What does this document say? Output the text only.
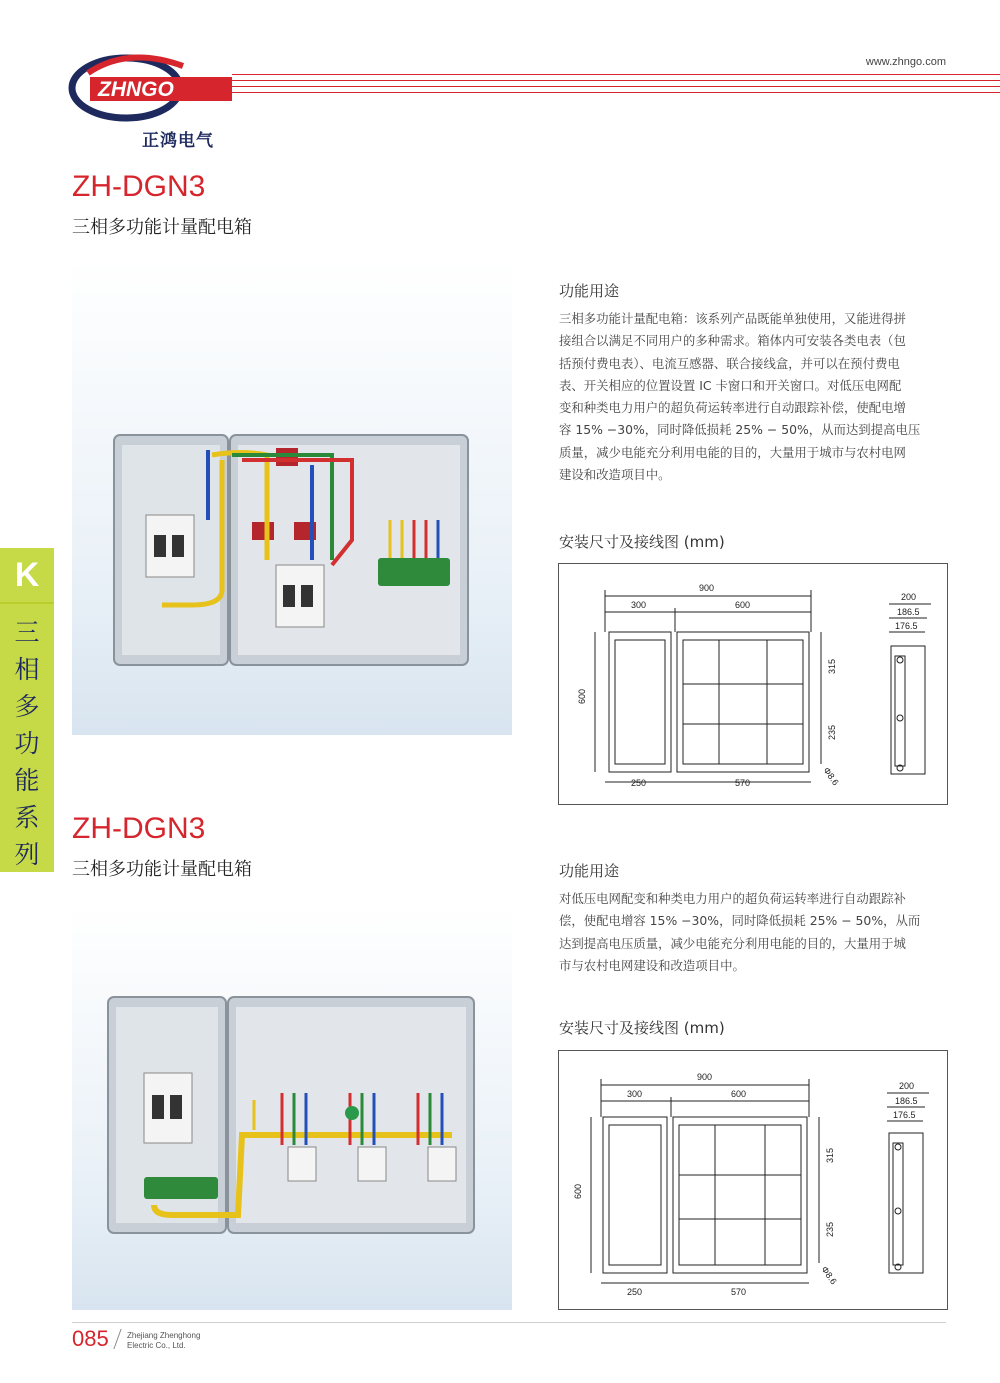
ZHNGO
正鸿电气
www.zhngo.com
K
三
相
多
功
能
系
列
ZH-DGN3
三相多功能计量配电箱
功能用途
三相多功能计量配电箱：该系列产品既能单独使用，又能进得拼
接组合以满足不同用户的多种需求。箱体内可安装各类电表（包
括预付费电表）、电流互感器、联合接线盒，并可以在预付费电
表、开关相应的位置设置 IC 卡窗口和开关窗口。对低压电网配
变和种类电力用户的超负荷运转率进行自动跟踪补偿，使配电增
容 15% −30%，同时降低损耗 25% − 50%，从而达到提高电压
质量，减少电能充分利用电能的目的，大量用于城市与农村电网
建设和改造项目中。
安装尺寸及接线图 (mm)
900
300	600
250	570
600
315
235
Φ8.6
200
186.5
176.5
ZH-DGN3
三相多功能计量配电箱	功能用途
对低压电网配变和种类电力用户的超负荷运转率进行自动跟踪补
偿，使配电增容 15% −30%，同时降低损耗 25% − 50%，从而
达到提高电压质量，减少电能充分利用电能的目的，大量用于城
市与农村电网建设和改造项目中。
安装尺寸及接线图 (mm)
900
300	600
250	570
600
315
235
Φ8.6
200
186.5
176.5
085 Zhejiang Zhenghong
Electric Co., Ltd.
